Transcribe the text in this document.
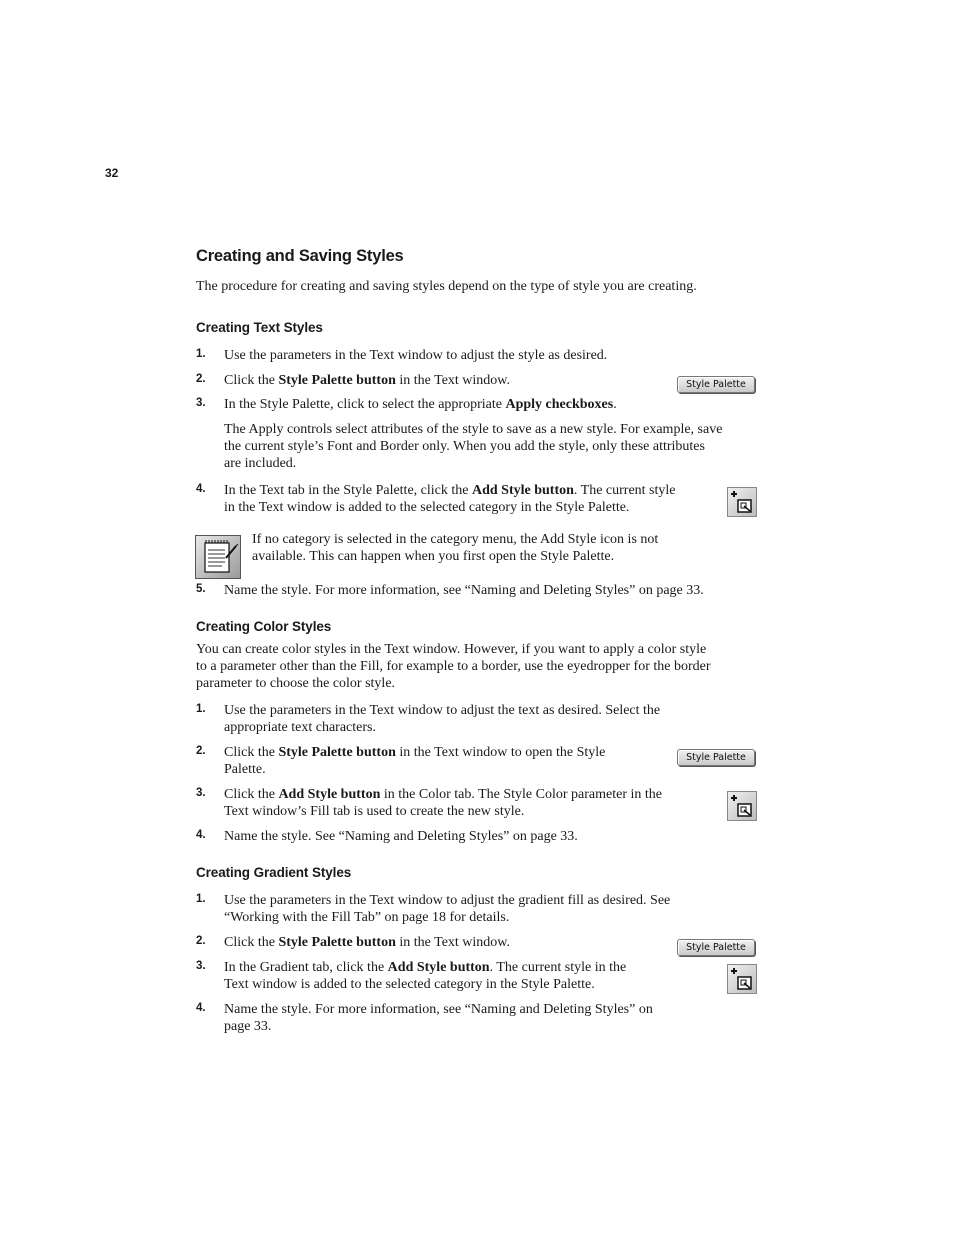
32
Creating and Saving Styles
The procedure for creating and saving styles depend on the type of style you are creating.
Creating Text Styles
1. Use the parameters in the Text window to adjust the style as desired.
2. Click the Style Palette button in the Text window.	Style Palette
3. In the Style Palette, click to select the appropriate Apply checkboxes.
The Apply controls select attributes of the style to save as a new style. For example, save
the current style’s Font and Border only. When you add the style, only these attributes
are included.
4. In the Text tab in the Style Palette, click the Add Style button. The current style
in the Text window is added to the selected category in the Style Palette.
If no category is selected in the category menu, the Add Style icon is not
available. This can happen when you first open the Style Palette.
5. Name the style. For more information, see “Naming and Deleting Styles” on page 33.
Creating Color Styles
You can create color styles in the Text window. However, if you want to apply a color style
to a parameter other than the Fill, for example to a border, use the eyedropper for the border
parameter to choose the color style.
1. Use the parameters in the Text window to adjust the text as desired. Select the
appropriate text characters.
2. Click the Style Palette button in the Text window to open the Style
Palette.
Style Palette
3. Click the Add Style button in the Color tab. The Style Color parameter in the
Text window’s Fill tab is used to create the new style.
4. Name the style. See “Naming and Deleting Styles” on page 33.
Creating Gradient Styles
1. Use the parameters in the Text window to adjust the gradient fill as desired. See
“Working with the Fill Tab” on page 18 for details.
2. Click the Style Palette button in the Text window.	Style Palette
3. In the Gradient tab, click the Add Style button. The current style in the
Text window is added to the selected category in the Style Palette.
4. Name the style. For more information, see “Naming and Deleting Styles” on
page 33.
